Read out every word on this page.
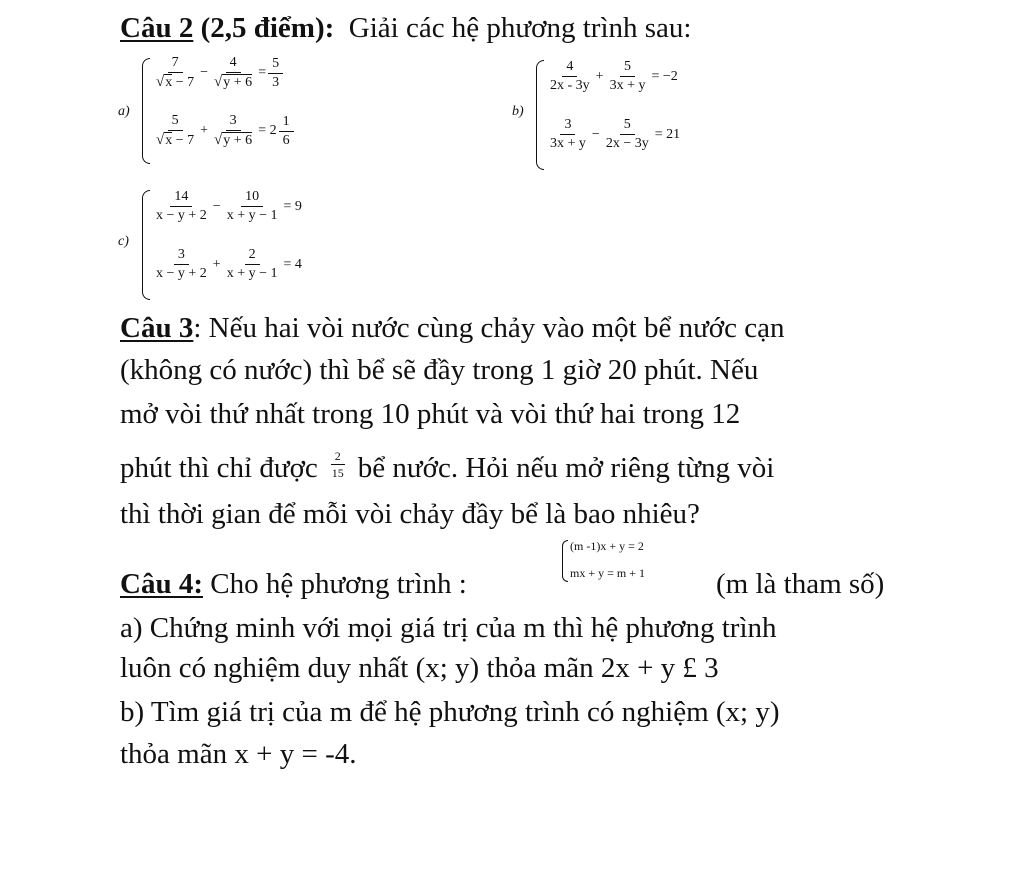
Câu 2 (2,5 điểm): Giải các hệ phương trình sau:
a)
$\frac{7}{√x - 7} - \frac{4}{√y + 6} = \frac{5}{3}$
$\frac{5}{√x - 7} + \frac{3}{√y + 6} = 2 \frac{1}{6}$
b)
$\frac{4}{2x - 3y} + \frac{5}{3x + y} = -2$
$\frac{3}{3x + y} - \frac{5}{2x - 3y} = 21$
c)
$\frac{14}{x - y + 2} - \frac{10}{x + y - 1} = 9$
$\frac{3}{x - y + 2} + \frac{2}{x + y - 1} = 4$
Câu 3: Nếu hai vòi nước cùng chảy vào một bể nước cạn
(không có nước) thì bể sẽ đầy trong 1 giờ 20 phút. Nếu
mở vòi thứ nhất trong 10 phút và vòi thứ hai trong 12
phút thì chỉ được $\frac{2}{15}$ bể nước. Hỏi nếu mở riêng từng vòi
thì thời gian để mỗi vòi chảy đầy bể là bao nhiêu?
Câu 4: Cho hệ phương trình :
(m -1)x + y = 2
mx + y = m + 1 (m là tham số)
a) Chứng minh với mọi giá trị của m thì hệ phương trình
luôn có nghiệm duy nhất (x; y) thỏa mãn 2x + y £ 3
b) Tìm giá trị của m để hệ phương trình có nghiệm (x; y)
thỏa mãn x + y = -4.
